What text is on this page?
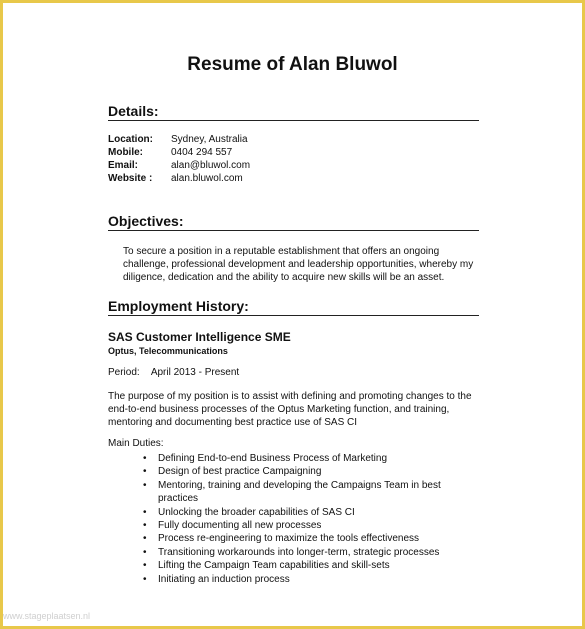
Resume of Alan Bluwol
Details:
Location: Sydney, Australia
Mobile:	0404 294 557
Email:	alan@bluwol.com
Website : alan.bluwol.com
Objectives:
To secure a position in a reputable establishment that offers an ongoing challenge, professional development and leadership opportunities, whereby my diligence, dedication and the ability to acquire new skills will be an asset.
Employment History:
SAS Customer Intelligence SME
Optus, Telecommunications
Period: April 2013 - Present
The purpose of my position is to assist with defining and promoting changes to the end-to-end business processes of the Optus Marketing function, and training, mentoring and documenting best practice use of SAS CI
Main Duties:
• Defining End-to-end Business Process of Marketing
• Design of best practice Campaigning
• Mentoring, training and developing the Campaigns Team in best practices
• Unlocking the broader capabilities of SAS CI
• Fully documenting all new processes
• Process re-engineering to maximize the tools effectiveness
• Transitioning workarounds into longer-term, strategic processes
• Lifting the Campaign Team capabilities and skill-sets
• Initiating an induction process
www.stageplaatsen.nl
